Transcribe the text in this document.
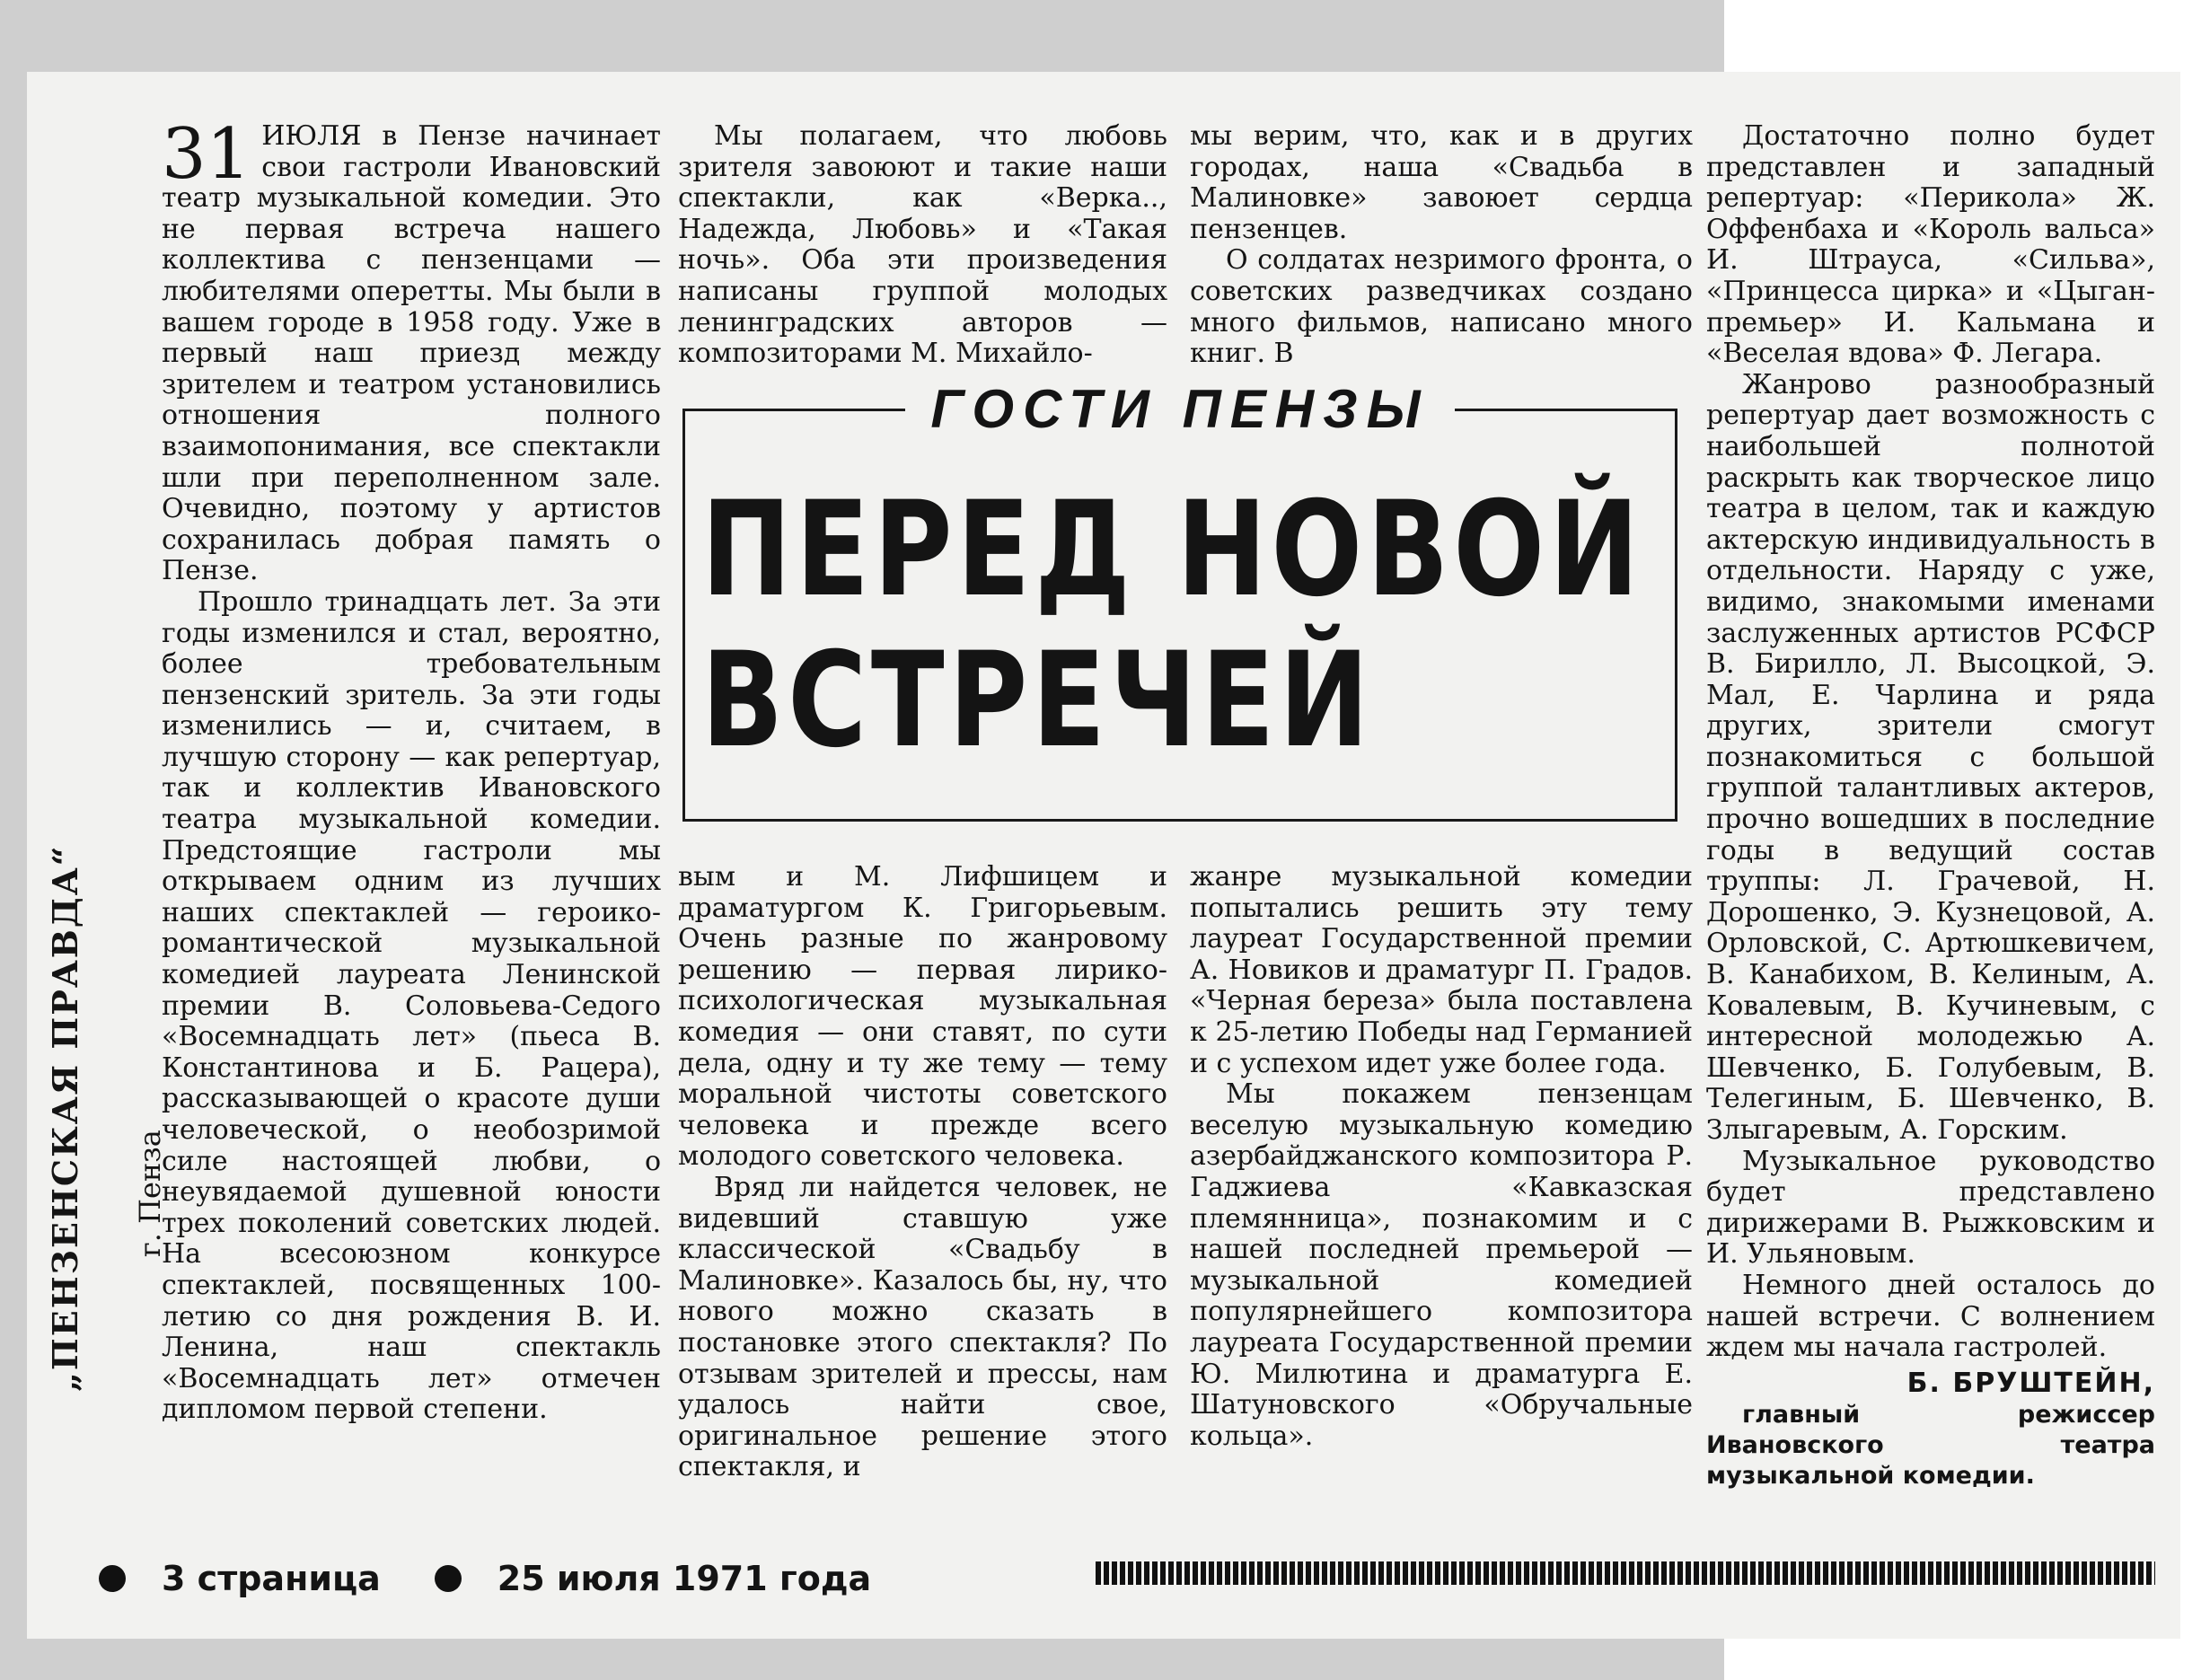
„ПЕНЗЕНСКАЯ ПРАВДА“ г. Пенза

31 ИЮЛЯ в Пензе начинает свои гастроли Ивановский театр музыкальной комедии. Это не первая встреча нашего коллектива с пензенцами — любителями оперетты. Мы были в вашем городе в 1958 году. Уже в первый наш приезд между зрителем и театром установились отношения полного взаимопонимания, все спектакли шли при переполненном зале. Очевидно, поэтому у артистов сохранилась добрая память о Пензе.

Прошло тринадцать лет. За эти годы изменился и стал, вероятно, более требовательным пензенский зритель. За эти годы изменились — и, считаем, в лучшую сторону — как репертуар, так и коллектив Ивановского театра музыкальной комедии. Предстоящие гастроли мы открываем одним из лучших наших спектаклей — героико-романтической музыкальной комедией лауреата Ленинской премии В. Соловьева-Седого «Восемнадцать лет» (пьеса В. Константинова и Б. Рацера), рассказывающей о красоте души человеческой, о необозримой силе настоящей любви, о неувядаемой душевной юности трех поколений советских людей. На всесоюзном конкурсе спектаклей, посвященных 100-летию со дня рождения В. И. Ленина, наш спектакль «Восемнадцать лет» отмечен дипломом первой степени.

Мы полагаем, что любовь зрителя завоюют и такие наши спектакли, как «Верка.., Надежда, Любовь» и «Такая ночь». Оба эти произведения написаны группой молодых ленинградских авторов — композиторами М. Михайло-

мы верим, что, как и в других городах, наша «Свадьба в Малиновке» завоюет сердца пензенцев.

О солдатах незримого фронта, о советских разведчиках создано много фильмов, написано много книг. В

ГОСТИ ПЕНЗЫ
ПЕРЕД НОВОЙ
ВСТРЕЧЕЙ

вым и М. Лифшицем и драматургом К. Григорьевым. Очень разные по жанровому решению — первая лирико-психологическая музыкальная комедия — они ставят, по сути дела, одну и ту же тему — тему моральной чистоты советского человека и прежде всего молодого советского человека.

Вряд ли найдется человек, не видевший ставшую уже классической «Свадьбу в Малиновке». Казалось бы, ну, что нового можно сказать в постановке этого спектакля? По отзывам зрителей и прессы, нам удалось найти свое, оригинальное решение этого спектакля, и

жанре музыкальной комедии попытались решить эту тему лауреат Государственной премии А. Новиков и драматург П. Градов. «Черная береза» была поставлена к 25-летию Победы над Германией и с успехом идет уже более года.

Мы покажем пензенцам веселую музыкальную комедию азербайджанского композитора Р. Гаджиева «Кавказская племянница», познакомим и с нашей последней премьерой — музыкальной комедией популярнейшего композитора лауреата Государственной премии Ю. Милютина и драматурга Е. Шатуновского «Обручальные кольца».

Достаточно полно будет представлен и западный репертуар: «Перикола» Ж. Оффенбаха и «Король вальса» И. Штрауса, «Сильва», «Принцесса цирка» и «Цыган-премьер» И. Кальмана и «Веселая вдова» Ф. Легара.

Жанрово разнообразный репертуар дает возможность с наибольшей полнотой раскрыть как творческое лицо театра в целом, так и каждую актерскую индивидуальность в отдельности. Наряду с уже, видимо, знакомыми именами заслуженных артистов РСФСР В. Бирилло, Л. Высоцкой, Э. Мал, Е. Чарлина и ряда других, зрители смогут познакомиться с большой группой талантливых актеров, прочно вошедших в последние годы в ведущий состав труппы: Л. Грачевой, Н. Дорошенко, Э. Кузнецовой, А. Орловской, С. Артюшкевичем, В. Канабихом, В. Келиным, А. Ковалевым, В. Кучиневым, с интересной молодежью А. Шевченко, Б. Голубевым, В. Телегиным, Б. Шевченко, В. Злыгаревым, А. Горским.

Музыкальное руководство будет представлено дирижерами В. Рыжковским и И. Ульяновым.

Немного дней осталось до нашей встречи. С волнением ждем мы начала гастролей.

Б. БРУШТЕЙН,
главный режиссер Ивановского театра музыкальной комедии.
3 страница	25 июля 1971 года
